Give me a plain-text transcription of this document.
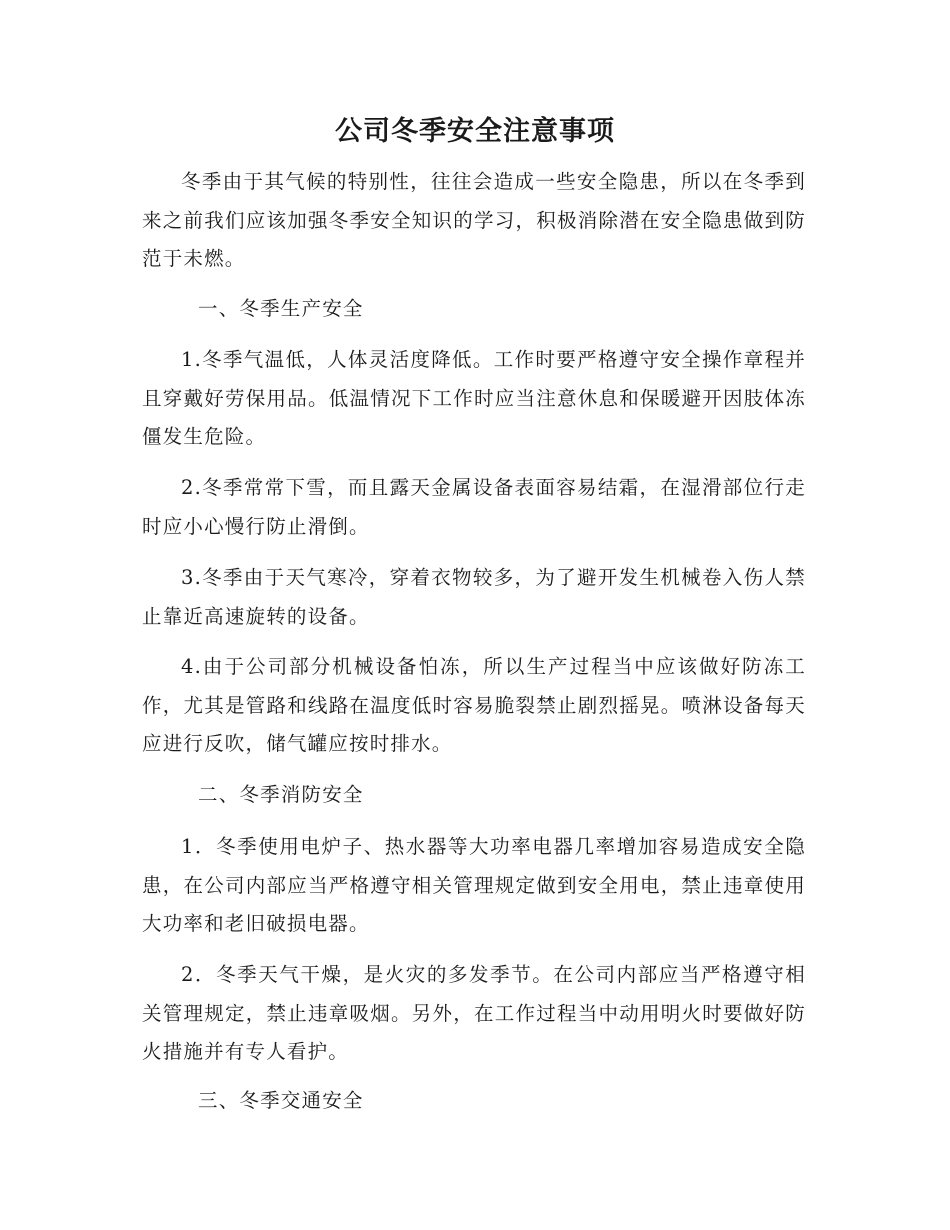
公司冬季安全注意事项

冬季由于其气候的特别性，往往会造成一些安全隐患，所以在冬季到来之前我们应该加强冬季安全知识的学习，积极消除潜在安全隐患做到防范于未燃。

一、冬季生产安全

1.冬季气温低，人体灵活度降低。工作时要严格遵守安全操作章程并且穿戴好劳保用品。低温情况下工作时应当注意休息和保暖避开因肢体冻僵发生危险。

2.冬季常常下雪，而且露天金属设备表面容易结霜，在湿滑部位行走时应小心慢行防止滑倒。

3.冬季由于天气寒冷，穿着衣物较多，为了避开发生机械卷入伤人禁止靠近高速旋转的设备。

4.由于公司部分机械设备怕冻，所以生产过程当中应该做好防冻工作，尤其是管路和线路在温度低时容易脆裂禁止剧烈摇晃。喷淋设备每天应进行反吹，储气罐应按时排水。

二、冬季消防安全

1．冬季使用电炉子、热水器等大功率电器几率增加容易造成安全隐患，在公司内部应当严格遵守相关管理规定做到安全用电，禁止违章使用大功率和老旧破损电器。

2．冬季天气干燥，是火灾的多发季节。在公司内部应当严格遵守相关管理规定，禁止违章吸烟。另外，在工作过程当中动用明火时要做好防火措施并有专人看护。

三、冬季交通安全
